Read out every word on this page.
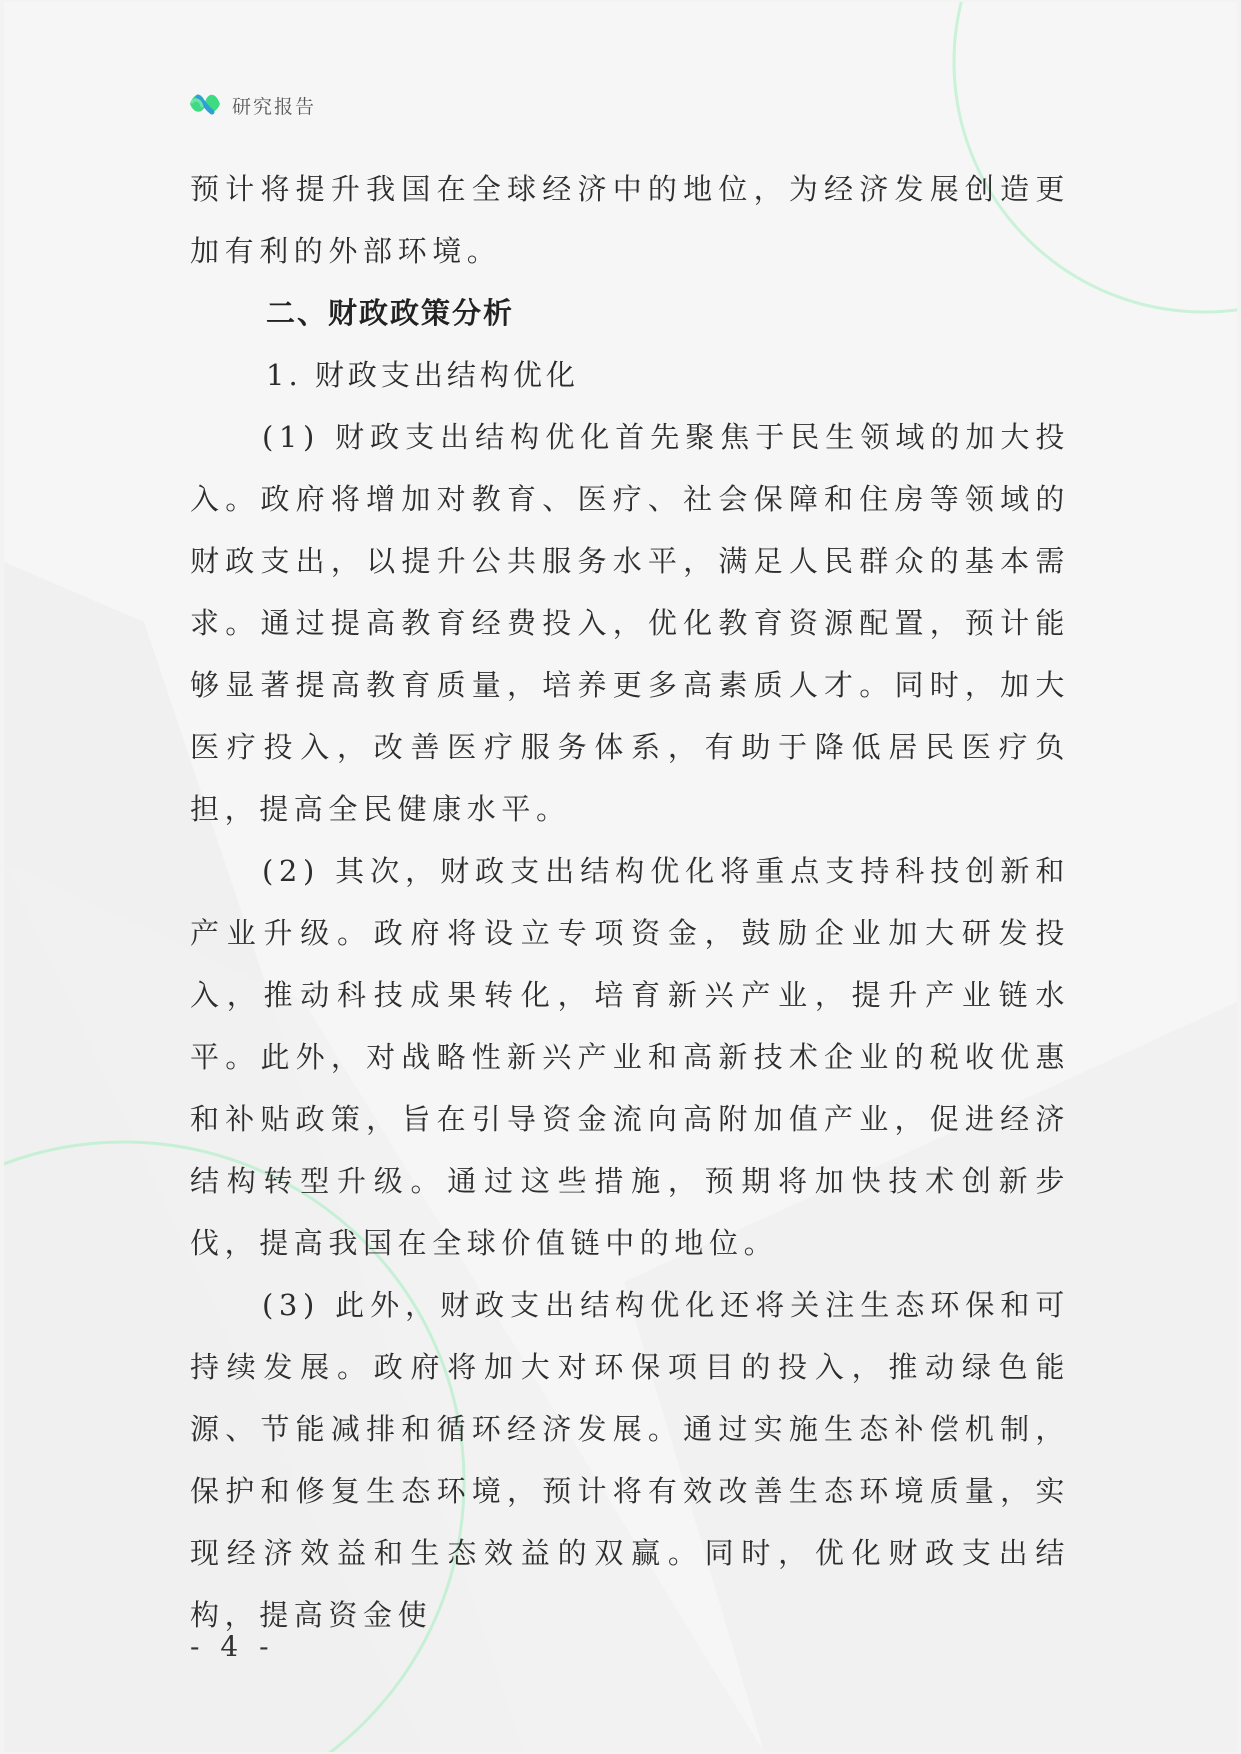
研究报告

预计将提升我国在全球经济中的地位，为经济发展创造更加有利的外部环境。

二、财政政策分析

1. 财政支出结构优化

(1) 财政支出结构优化首先聚焦于民生领域的加大投入。政府将增加对教育、医疗、社会保障和住房等领域的财政支出，以提升公共服务水平，满足人民群众的基本需求。通过提高教育经费投入，优化教育资源配置，预计能够显著提高教育质量，培养更多高素质人才。同时，加大医疗投入，改善医疗服务体系，有助于降低居民医疗负担，提高全民健康水平。

(2) 其次，财政支出结构优化将重点支持科技创新和产业升级。政府将设立专项资金，鼓励企业加大研发投入，推动科技成果转化，培育新兴产业，提升产业链水平。此外，对战略性新兴产业和高新技术企业的税收优惠和补贴政策，旨在引导资金流向高附加值产业，促进经济结构转型升级。通过这些措施，预期将加快技术创新步伐，提高我国在全球价值链中的地位。

(3) 此外，财政支出结构优化还将关注生态环保和可持续发展。政府将加大对环保项目的投入，推动绿色能源、节能减排和循环经济发展。通过实施生态补偿机制，保护和修复生态环境，预计将有效改善生态环境质量，实现经济效益和生态效益的双赢。同时，优化财政支出结构，提高资金使

- 4 -
